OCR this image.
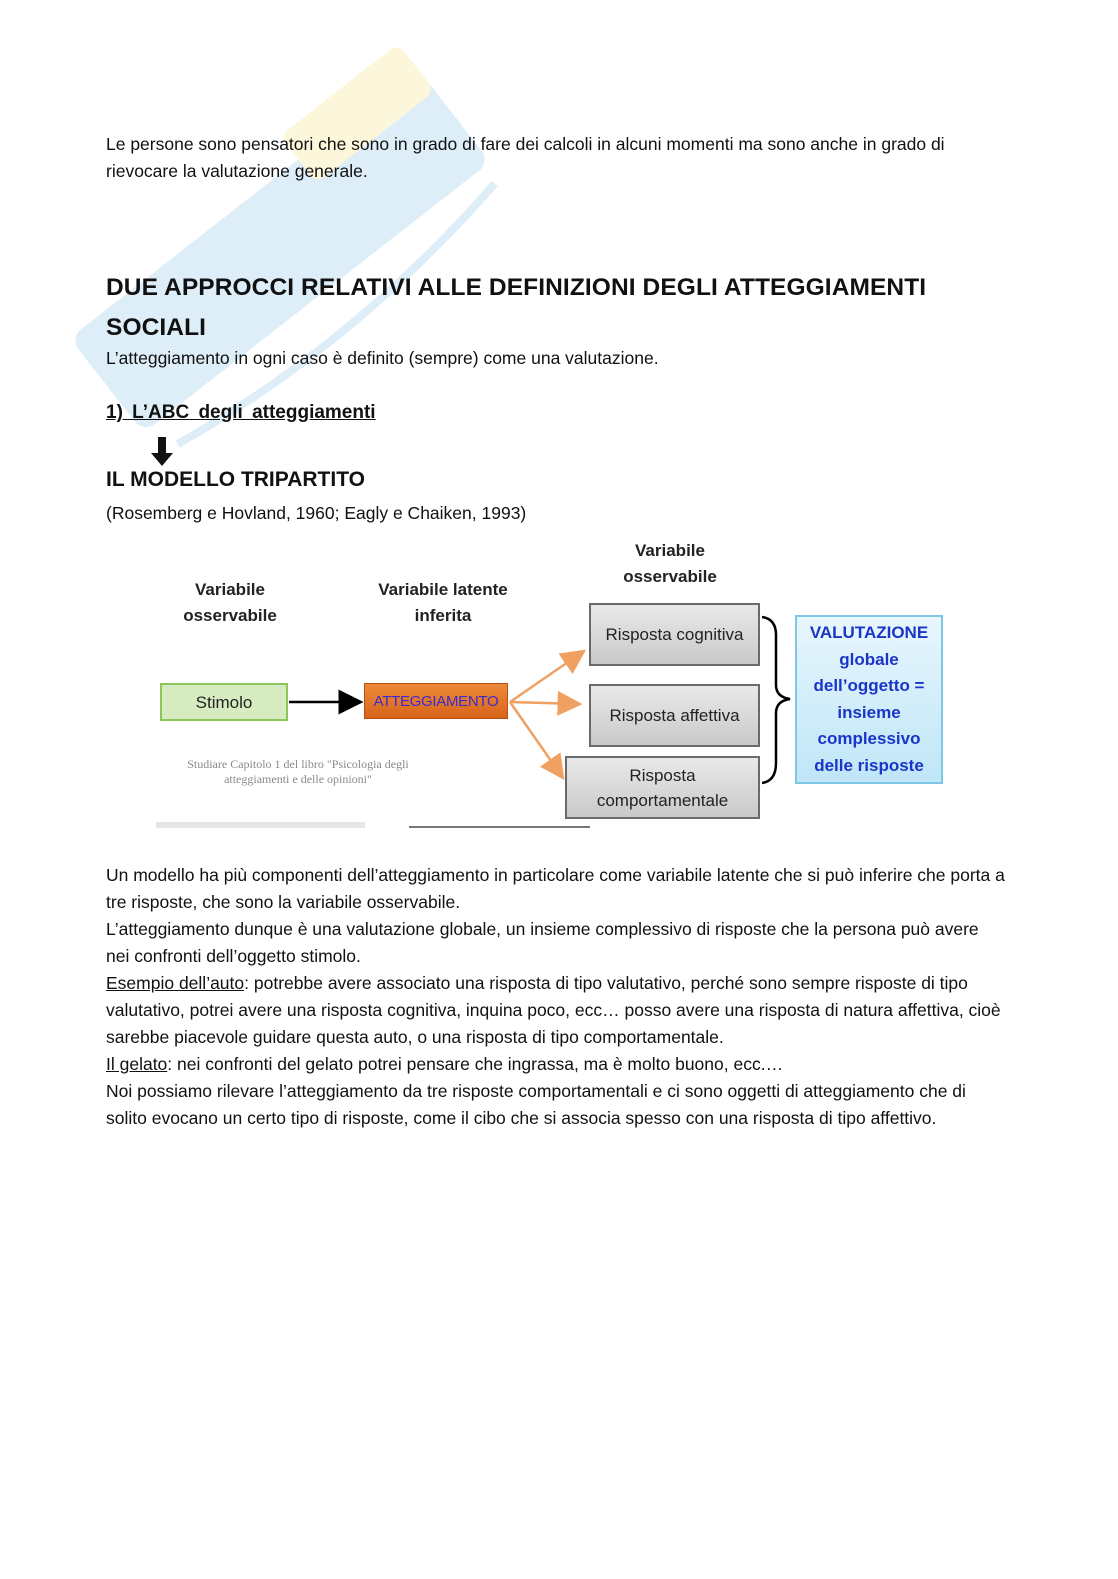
Le persone sono pensatori che sono in grado di fare dei calcoli in alcuni momenti ma sono anche in grado di rievocare la valutazione generale.
DUE APPROCCI RELATIVI ALLE DEFINIZIONI DEGLI ATTEGGIAMENTI SOCIALI
L’atteggiamento in ogni caso è definito (sempre) come una valutazione.
1) L’ABC degli atteggiamenti
IL MODELLO TRIPARTITO
(Rosemberg e Hovland, 1960; Eagly e Chaiken, 1993)
Variabile osservabile
Variabile latente inferita
Variabile osservabile
Stimolo	ATTEGGIAMENTO
Risposta cognitiva
Risposta affettiva
Risposta comportamentale
VALUTAZIONE globale dell’oggetto = insieme complessivo delle risposte
Studiare Capitolo 1 del libro "Psicologia degli atteggiamenti e delle opinioni"

Un modello ha più componenti dell’atteggiamento in particolare come variabile latente che si può inferire che porta a tre risposte, che sono la variabile osservabile.

L’atteggiamento dunque è una valutazione globale, un insieme complessivo di risposte che la persona può avere nei confronti dell’oggetto stimolo.

Esempio dell’auto: potrebbe avere associato una risposta di tipo valutativo, perché sono sempre risposte di tipo valutativo, potrei avere una risposta cognitiva, inquina poco, ecc… posso avere una risposta di natura affettiva, cioè sarebbe piacevole guidare questa auto, o una risposta di tipo comportamentale.

Il gelato: nei confronti del gelato potrei pensare che ingrassa, ma è molto buono, ecc.…

Noi possiamo rilevare l’atteggiamento da tre risposte comportamentali e ci sono oggetti di atteggiamento che di solito evocano un certo tipo di risposte, come il cibo che si associa spesso con una risposta di tipo affettivo.
